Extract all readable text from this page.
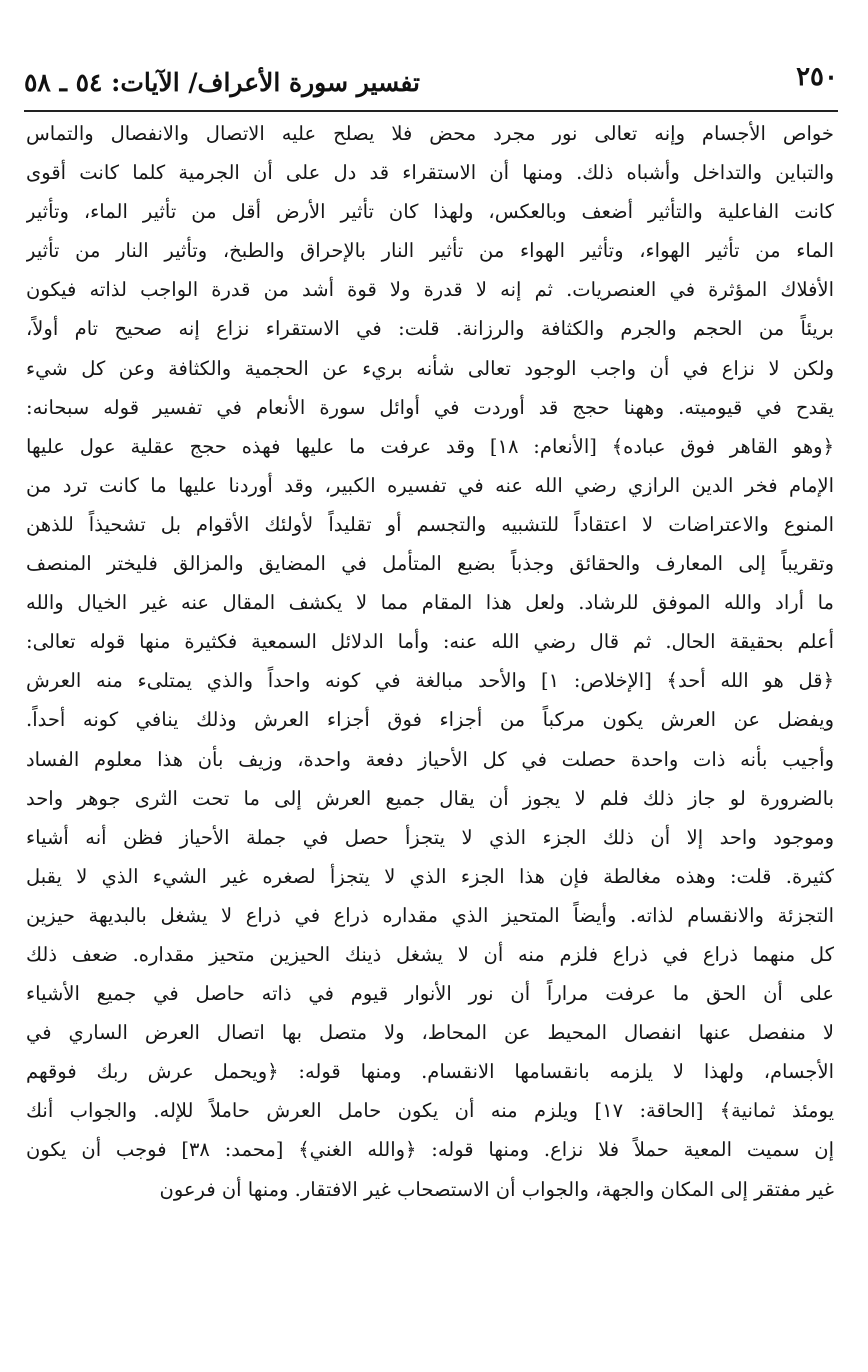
٢٥٠
تفسير سورة الأعراف/ الآيات: ٥٤ ـ ٥٨
خواص الأجسام وإنه تعالى نور مجرد محض فلا يصلح عليه الاتصال والانفصال والتماس
والتباين والتداخل وأشباه ذلك. ومنها أن الاستقراء قد دل على أن الجرمية كلما كانت أقوى
كانت الفاعلية والتأثير أضعف وبالعكس، ولهذا كان تأثير الأرض أقل من تأثير الماء، وتأثير
الماء من تأثير الهواء، وتأثير الهواء من تأثير النار بالإحراق والطبخ، وتأثير النار من تأثير
الأفلاك المؤثرة في العنصريات. ثم إنه لا قدرة ولا قوة أشد من قدرة الواجب لذاته فيكون
بريئاً من الحجم والجرم والكثافة والرزانة. قلت: في الاستقراء نزاع إنه صحيح تام أولاً،
ولكن لا نزاع في أن واجب الوجود تعالى شأنه بريء عن الحجمية والكثافة وعن كل شيء
يقدح في قيوميته. وههنا حجج قد أوردت في أوائل سورة الأنعام في تفسير قوله سبحانه:
﴿وهو القاهر فوق عباده﴾ [الأنعام: ١٨] وقد عرفت ما عليها فهذه حجج عقلية عول عليها
الإمام فخر الدين الرازي رضي الله عنه في تفسيره الكبير، وقد أوردنا عليها ما كانت ترد من
المنوع والاعتراضات لا اعتقاداً للتشبيه والتجسم أو تقليداً لأولئك الأقوام بل تشحيذاً للذهن
وتقريباً إلى المعارف والحقائق وجذباً بضبع المتأمل في المضايق والمزالق فليختر المنصف
ما أراد والله الموفق للرشاد. ولعل هذا المقام مما لا يكشف المقال عنه غير الخيال والله
أعلم بحقيقة الحال. ثم قال رضي الله عنه: وأما الدلائل السمعية فكثيرة منها قوله تعالى:
﴿قل هو الله أحد﴾ [الإخلاص: ١] والأحد مبالغة في كونه واحداً والذي يمتلىء منه العرش
ويفضل عن العرش يكون مركباً من أجزاء فوق أجزاء العرش وذلك ينافي كونه أحداً.
وأجيب بأنه ذات واحدة حصلت في كل الأحياز دفعة واحدة، وزيف بأن هذا معلوم الفساد
بالضرورة لو جاز ذلك فلم لا يجوز أن يقال جميع العرش إلى ما تحت الثرى جوهر واحد
وموجود واحد إلا أن ذلك الجزء الذي لا يتجزأ حصل في جملة الأحياز فظن أنه أشياء
كثيرة. قلت: وهذه مغالطة فإن هذا الجزء الذي لا يتجزأ لصغره غير الشيء الذي لا يقبل
التجزئة والانقسام لذاته. وأيضاً المتحيز الذي مقداره ذراع في ذراع لا يشغل بالبديهة حيزين
كل منهما ذراع في ذراع فلزم منه أن لا يشغل ذينك الحيزين متحيز مقداره. ضعف ذلك
على أن الحق ما عرفت مراراً أن نور الأنوار قيوم في ذاته حاصل في جميع الأشياء
لا منفصل عنها انفصال المحيط عن المحاط، ولا متصل بها اتصال العرض الساري في
الأجسام، ولهذا لا يلزمه بانقسامها الانقسام. ومنها قوله: ﴿ويحمل عرش ربك فوقهم
يومئذ ثمانية﴾ [الحاقة: ١٧] ويلزم منه أن يكون حامل العرش حاملاً للإله. والجواب أنك
إن سميت المعية حملاً فلا نزاع. ومنها قوله: ﴿والله الغني﴾ [محمد: ٣٨] فوجب أن يكون
غير مفتقر إلى المكان والجهة، والجواب أن الاستصحاب غير الافتقار. ومنها أن فرعون
